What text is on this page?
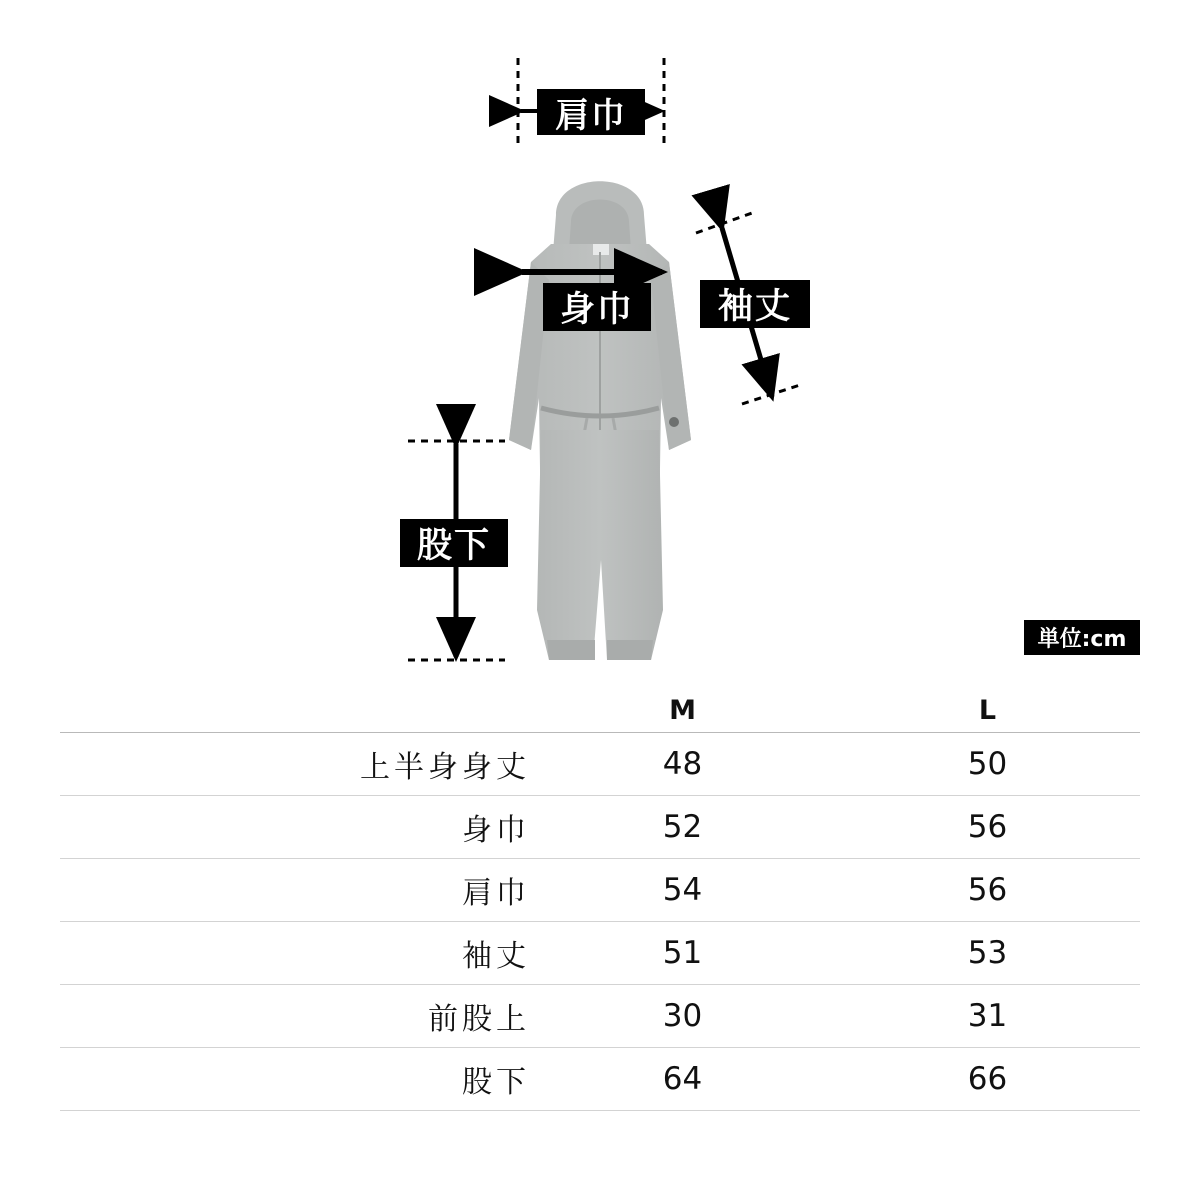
肩巾
身巾	袖丈
股下
単位:cm
	M	L
上半身身丈	48	50
身巾	52	56
肩巾	54	56
袖丈	51	53
前股上	30	31
股下	64	66
